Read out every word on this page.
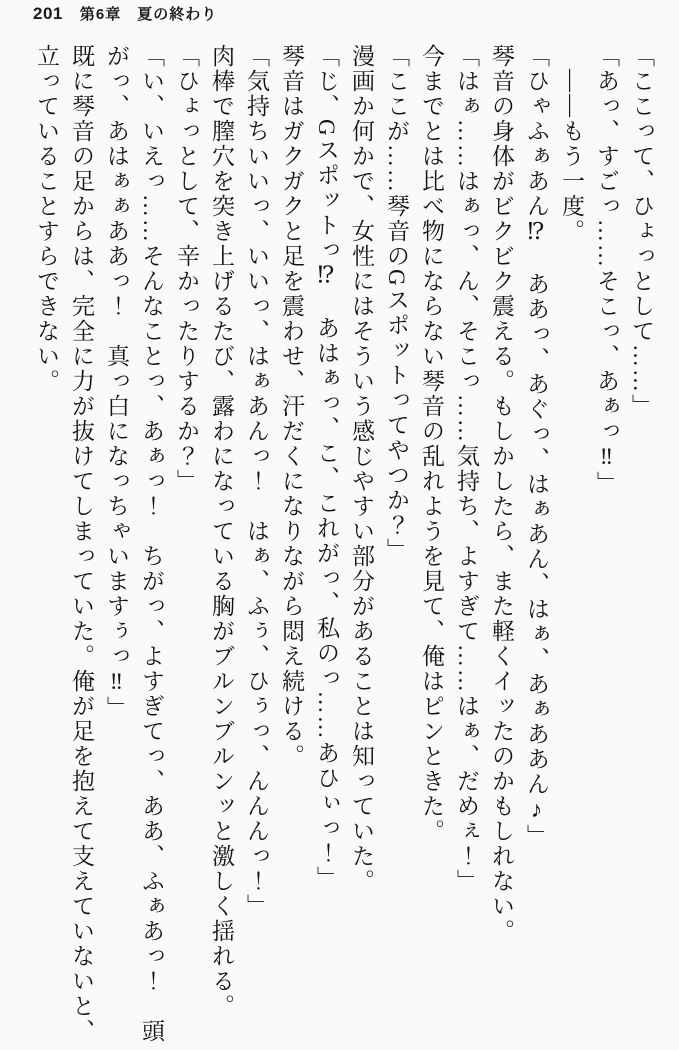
201 第6章　夏の終わり

「ここって、ひょっとして……」

「あっ、すごっ……そこっ、あぁっ‼」

　――もう一度。

「ひゃふぁあん⁉　ああっ、あぐっ、はぁあん、はぁ、あぁああん♪」

琴音の身体がビクビク震える。もしかしたら、また軽くイッたのかもしれない。

「はぁ……はぁっ、ん、そこっ……気持ち、よすぎて……はぁ、だめぇ！」

今までとは比べ物にならない琴音の乱れようを見て、俺はピンときた。

「ここが……琴音のGスポットってやつか？」

漫画か何かで、女性にはそういう感じやすい部分があることは知っていた。

「じ、Gスポットっ⁉　あはぁっ、こ、これがっ、私のっ……あひぃっ！」

琴音はガクガクと足を震わせ、汗だくになりながら悶え続ける。

「気持ちいいっ、いいっ、はぁあんっ！　はぁ、ふぅ、ひぅっ、んんんっ！」

肉棒で膣穴を突き上げるたび、露わになっている胸がブルンブルンッと激しく揺れる。

「ひょっとして、辛かったりするか？」

「い、いえっ……そんなことっ、あぁっ！　ちがっ、よすぎてっ、ああ、ふぁあっ！　頭

がっ、あはぁぁああっ！　真っ白になっちゃいますぅっ‼」

既に琴音の足からは、完全に力が抜けてしまっていた。俺が足を抱えて支えていないと、

立っていることすらできない。
